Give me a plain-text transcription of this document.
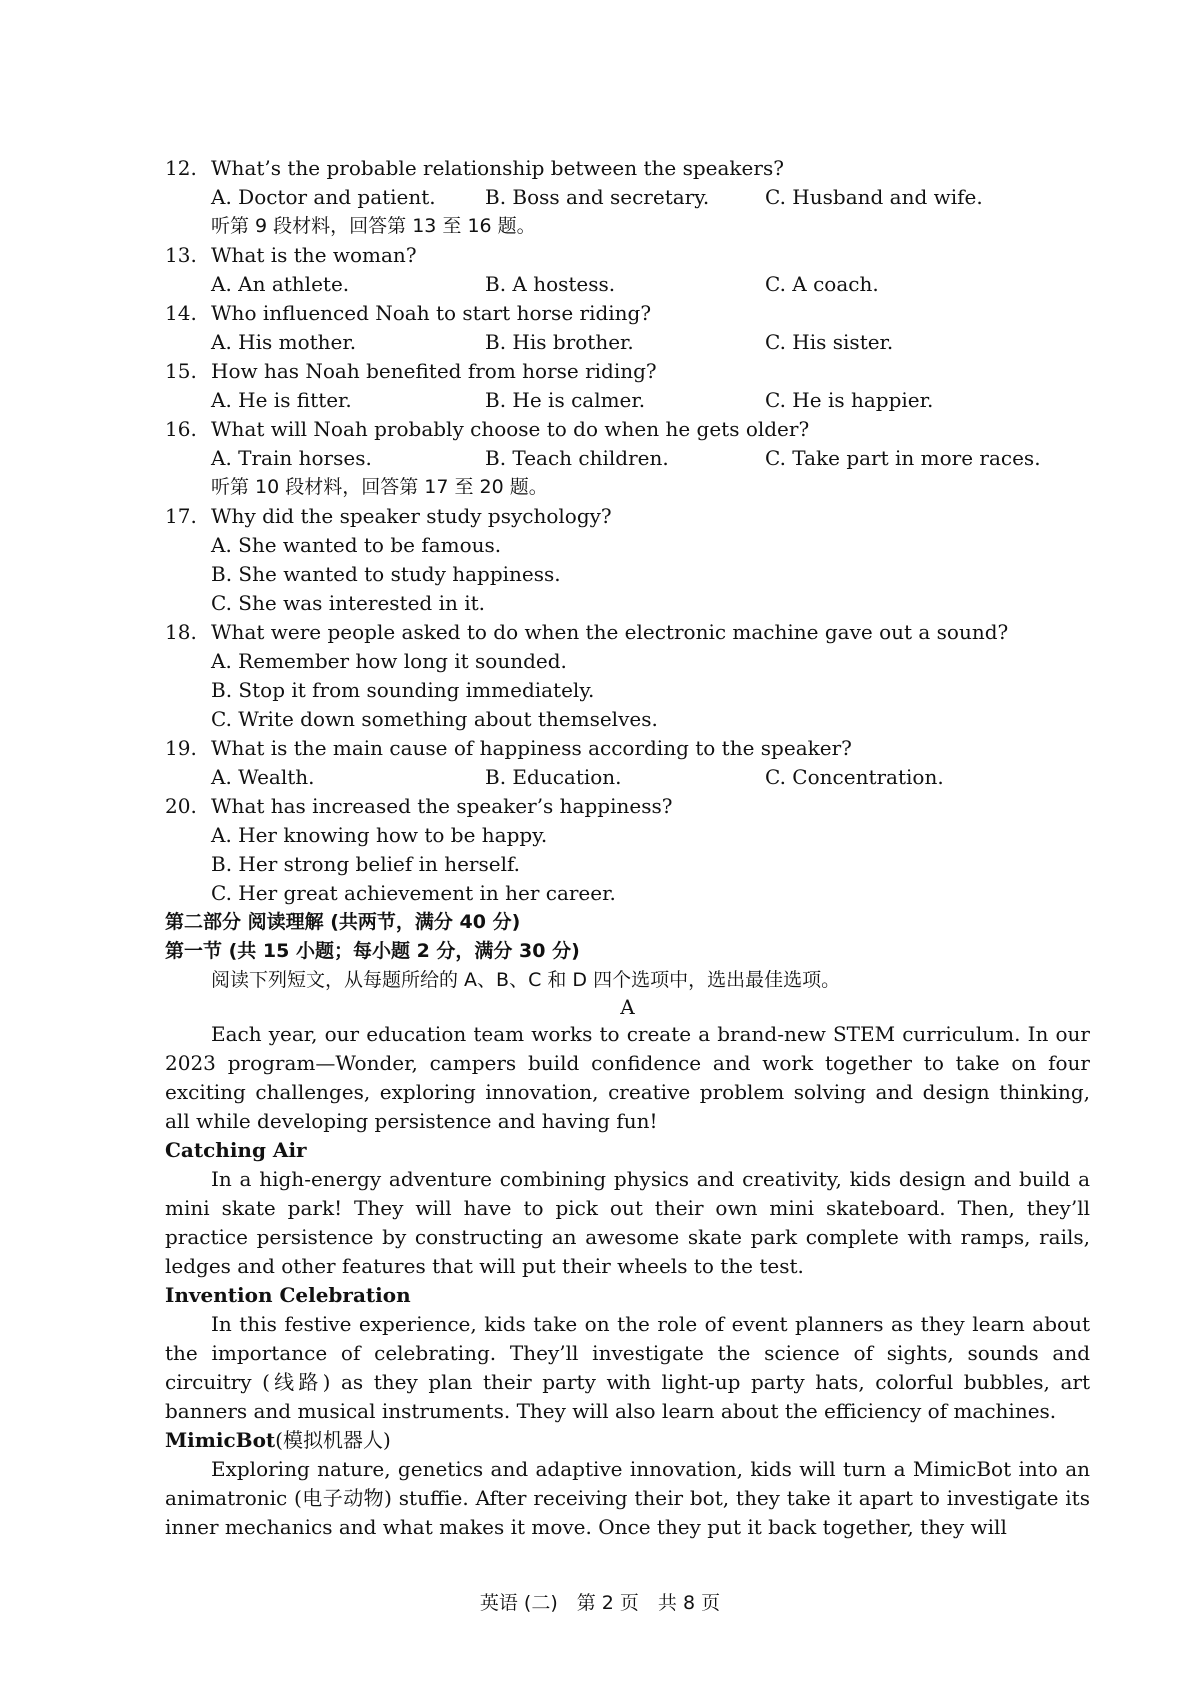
12. What’s the probable relationship between the speakers?
A. Doctor and patient. B. Boss and secretary.	C. Husband and wife.
听第 9 段材料，回答第 13 至 16 题。
13. What is the woman?
A. An athlete.	B. A hostess.	C. A coach.
14. Who influenced Noah to start horse riding?
A. His mother.	B. His brother.	C. His sister.
15. How has Noah benefited from horse riding?
A. He is fitter.	B. He is calmer.	C. He is happier.
16. What will Noah probably choose to do when he gets older?
A. Train horses.	B. Teach children.	C. Take part in more races.
听第 10 段材料，回答第 17 至 20 题。
17. Why did the speaker study psychology?
A. She wanted to be famous.
B. She wanted to study happiness.
C. She was interested in it.
18. What were people asked to do when the electronic machine gave out a sound?
A. Remember how long it sounded.
B. Stop it from sounding immediately.
C. Write down something about themselves.
19. What is the main cause of happiness according to the speaker?
A. Wealth.	B. Education.	C. Concentration.
20. What has increased the speaker’s happiness?
A. Her knowing how to be happy.
B. Her strong belief in herself.
C. Her great achievement in her career.
第二部分 阅读理解 (共两节，满分 40 分)
第一节 (共 15 小题；每小题 2 分，满分 30 分)
阅读下列短文，从每题所给的 A、B、C 和 D 四个选项中，选出最佳选项。
A

Each year, our education team works to create a brand-new STEM curriculum. In our 2023 program—Wonder, campers build confidence and work together to take on four exciting challenges, exploring innovation, creative problem solving and design thinking, all while developing persistence and having fun!

Catching Air

In a high-energy adventure combining physics and creativity, kids design and build a mini skate park! They will have to pick out their own mini skateboard. Then, they’ll practice persistence by constructing an awesome skate park complete with ramps, rails, ledges and other features that will put their wheels to the test.

Invention Celebration

In this festive experience, kids take on the role of event planners as they learn about the importance of celebrating. They’ll investigate the science of sights, sounds and circuitry (线路) as they plan their party with light-up party hats, colorful bubbles, art banners and musical instruments. They will also learn about the efficiency of machines.

MimicBot(模拟机器人)

Exploring nature, genetics and adaptive innovation, kids will turn a MimicBot into an animatronic (电子动物) stuffie. After receiving their bot, they take it apart to investigate its inner mechanics and what makes it move. Once they put it back together, they will

英语 (二)　第 2 页　共 8 页
